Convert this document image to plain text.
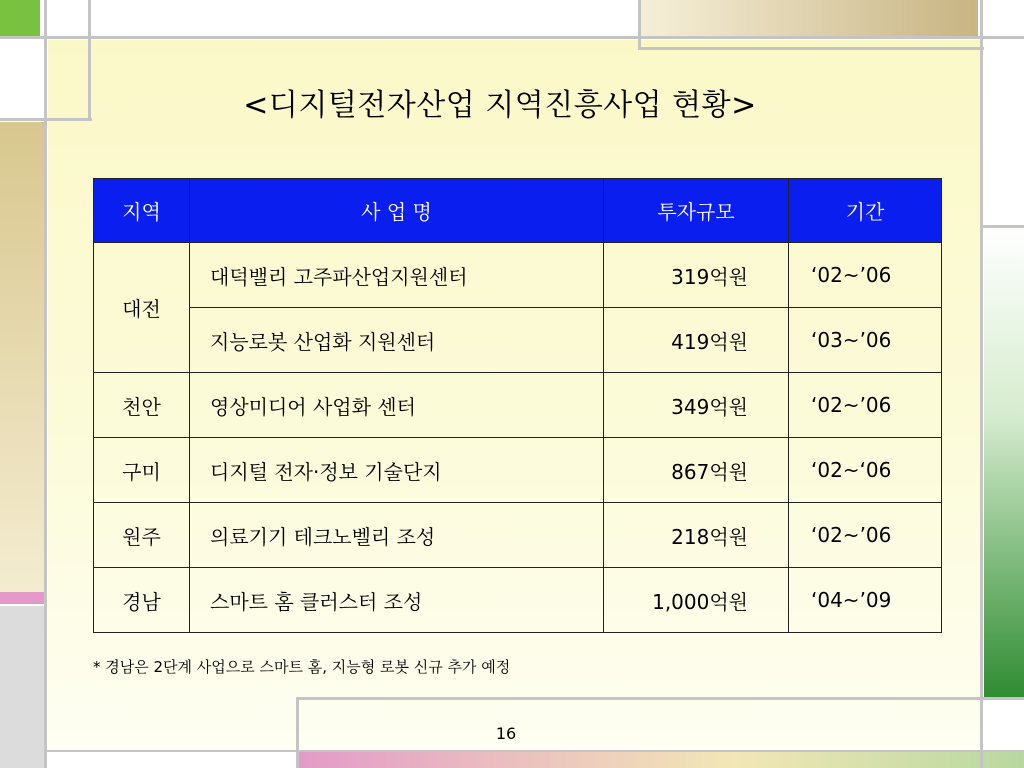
<디지털전자산업 지역진흥사업 현황>
지역	사 업 명	투자규모	기간
대전	대덕밸리 고주파산업지원센터	319억원	‘02~’06
	지능로봇 산업화 지원센터	419억원	‘03~’06
천안	영상미디어 사업화 센터	349억원	‘02~’06
구미	디지털 전자·정보 기술단지	867억원	‘02~‘06
원주	의료기기 테크노벨리 조성	218억원	‘02~’06
경남	스마트 홈 클러스터 조성	1,000억원	‘04~’09
* 경남은 2단계 사업으로 스마트 홈, 지능형 로봇 신규 추가 예정
16
